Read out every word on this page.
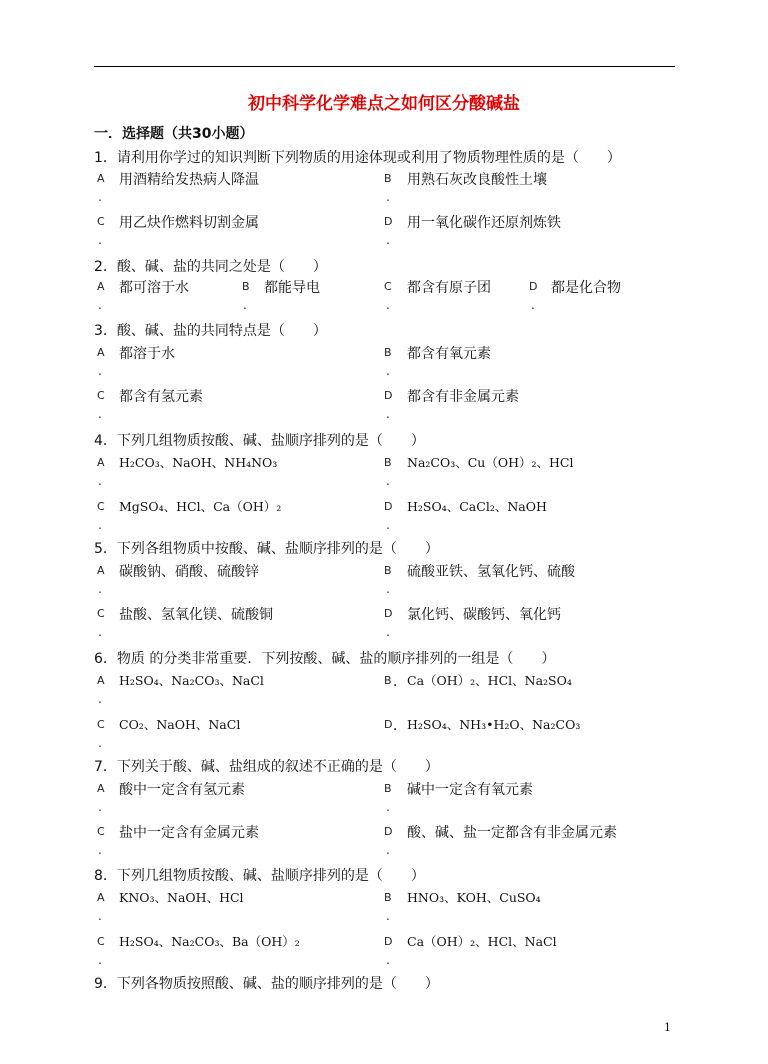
初中科学化学难点之如何区分酸碱盐
一．选择题（共30小题）
1．请利用你学过的知识判断下列物质的用途体现或利用了物质物理性质的是（　　）
A 用酒精给发热病人降温	B 用熟石灰改良酸性土壤
.	.
C 用乙炔作燃料切割金属	D 用一氧化碳作还原剂炼铁
.	.
2．酸、碱、盐的共同之处是（　　）
A 都可溶于水	B 都能导电	C 都含有原子团	D 都是化合物
.	.	.	.
3．酸、碱、盐的共同特点是（　　）
A 都溶于水	B 都含有氧元素
.	.
C 都含有氢元素	D 都含有非金属元素
.	.
4．下列几组物质按酸、碱、盐顺序排列的是（　　）
A H₂CO₃、NaOH、NH₄NO₃	B Na₂CO₃、Cu（OH）₂、HCl
.	.
C MgSO₄、HCl、Ca（OH）₂	D H₂SO₄、CaCl₂、NaOH
.	.
5．下列各组物质中按酸、碱、盐顺序排列的是（　　）
A 碳酸钠、硝酸、硫酸锌	B 硫酸亚铁、氢氧化钙、硫酸
.	.
C 盐酸、氢氧化镁、硫酸铜	D 氯化钙、碳酸钙、氧化钙
.	.
6．物质 的分类非常重要．下列按酸、碱、盐的顺序排列的一组是（　　）
A H₂SO₄、Na₂CO₃、NaCl	B ． Ca（OH）₂、HCl、Na₂SO₄
.
C CO₂、NaOH、NaCl	D ． H₂SO₄、NH₃•H₂O、Na₂CO₃
.
7．下列关于酸、碱、盐组成的叙述不正确的是（　　）
A 酸中一定含有氢元素	B 碱中一定含有氧元素
.	.
C 盐中一定含有金属元素	D 酸、碱、盐一定都含有非金属元素
.	.
8．下列几组物质按酸、碱、盐顺序排列的是（　　）
A KNO₃、NaOH、HCl	B HNO₃、KOH、CuSO₄
.	.
C H₂SO₄、Na₂CO₃、Ba（OH）₂	D Ca（OH）₂、HCl、NaCl
.	.
9．下列各物质按照酸、碱、盐的顺序排列的是（　　）
1
